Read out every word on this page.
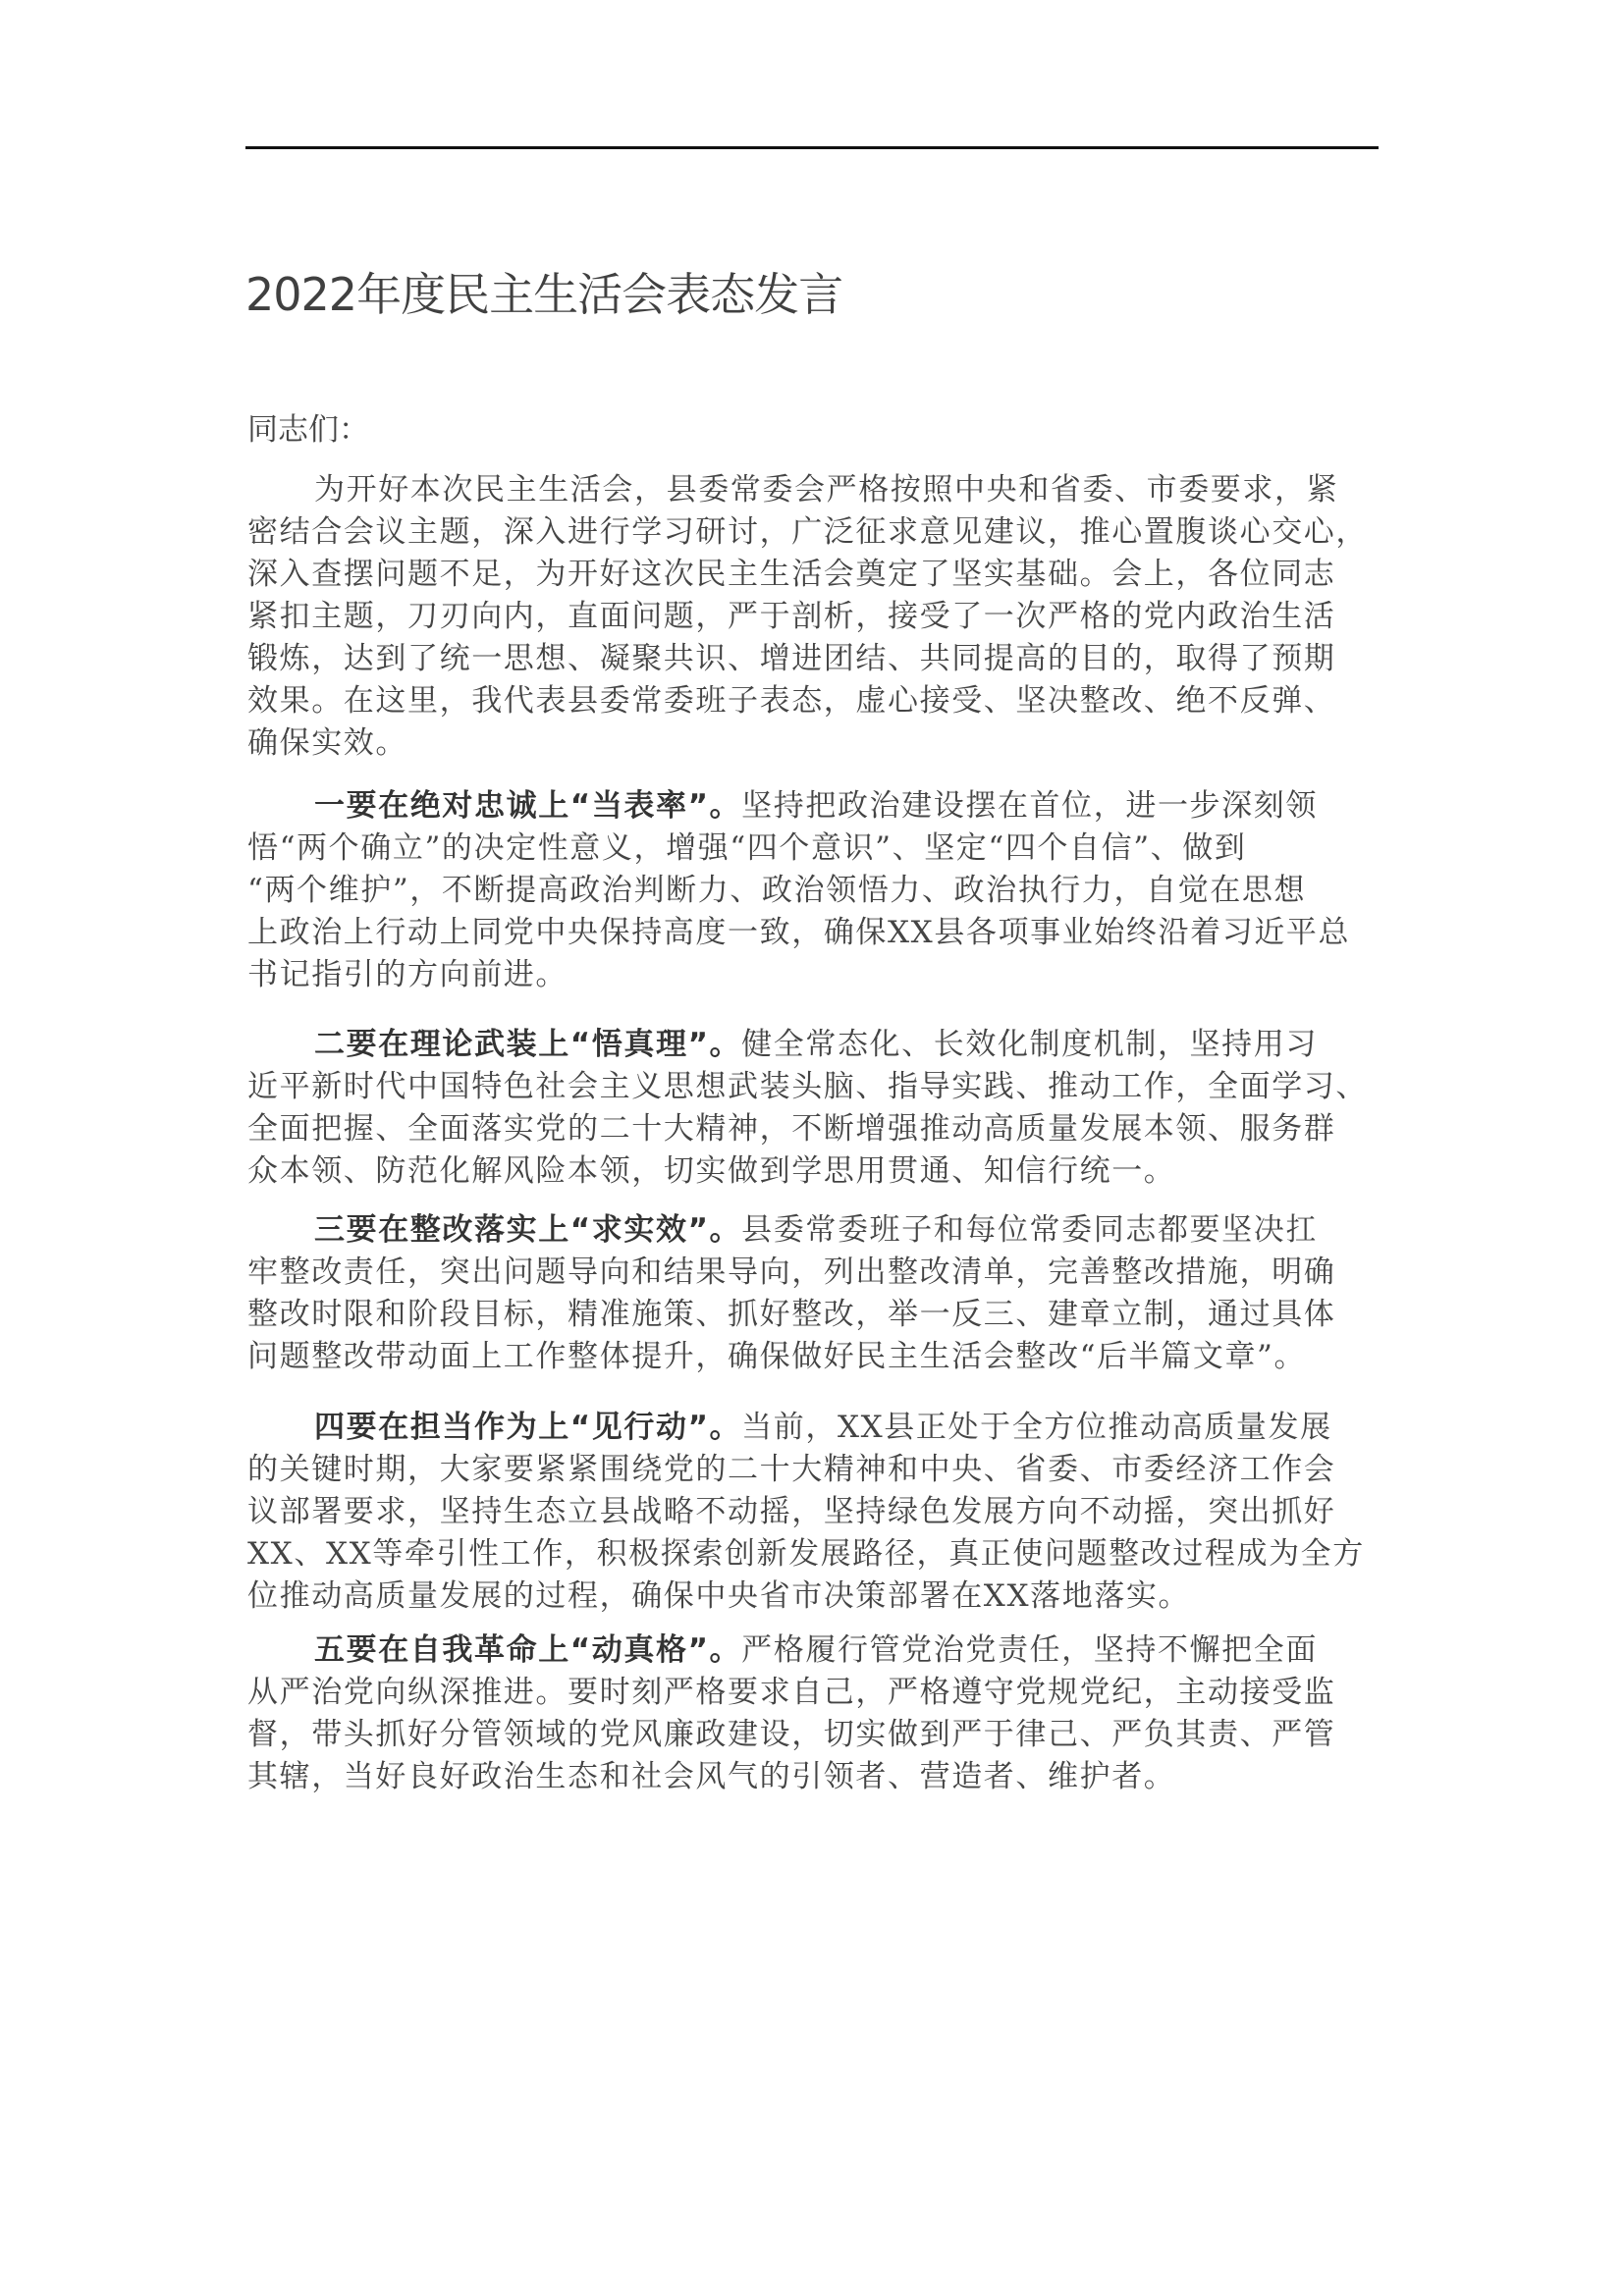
2022年度民主生活会表态发言
同志们：
为开好本次民主生活会，县委常委会严格按照中央和省委、市委要求，紧
密结合会议主题，深入进行学习研讨，广泛征求意见建议，推心置腹谈心交心，
深入查摆问题不足，为开好这次民主生活会奠定了坚实基础。会上，各位同志
紧扣主题，刀刃向内，直面问题，严于剖析，接受了一次严格的党内政治生活
锻炼，达到了统一思想、凝聚共识、增进团结、共同提高的目的，取得了预期
效果。在这里，我代表县委常委班子表态，虚心接受、坚决整改、绝不反弹、
确保实效。
一要在绝对忠诚上“当表率”。坚持把政治建设摆在首位，进一步深刻领
悟“两个确立”的决定性意义，增强“四个意识”、坚定“四个自信”、做到
“两个维护”，不断提高政治判断力、政治领悟力、政治执行力，自觉在思想
上政治上行动上同党中央保持高度一致，确保XX县各项事业始终沿着习近平总
书记指引的方向前进。
二要在理论武装上“悟真理”。健全常态化、长效化制度机制，坚持用习
近平新时代中国特色社会主义思想武装头脑、指导实践、推动工作，全面学习、
全面把握、全面落实党的二十大精神，不断增强推动高质量发展本领、服务群
众本领、防范化解风险本领，切实做到学思用贯通、知信行统一。
三要在整改落实上“求实效”。县委常委班子和每位常委同志都要坚决扛
牢整改责任，突出问题导向和结果导向，列出整改清单，完善整改措施，明确
整改时限和阶段目标，精准施策、抓好整改，举一反三、建章立制，通过具体
问题整改带动面上工作整体提升，确保做好民主生活会整改“后半篇文章”。
四要在担当作为上“见行动”。当前，XX县正处于全方位推动高质量发展
的关键时期，大家要紧紧围绕党的二十大精神和中央、省委、市委经济工作会
议部署要求，坚持生态立县战略不动摇，坚持绿色发展方向不动摇，突出抓好
XX、XX等牵引性工作，积极探索创新发展路径，真正使问题整改过程成为全方
位推动高质量发展的过程，确保中央省市决策部署在XX落地落实。
五要在自我革命上“动真格”。严格履行管党治党责任，坚持不懈把全面
从严治党向纵深推进。要时刻严格要求自己，严格遵守党规党纪，主动接受监
督，带头抓好分管领域的党风廉政建设，切实做到严于律己、严负其责、严管
其辖，当好良好政治生态和社会风气的引领者、营造者、维护者。
